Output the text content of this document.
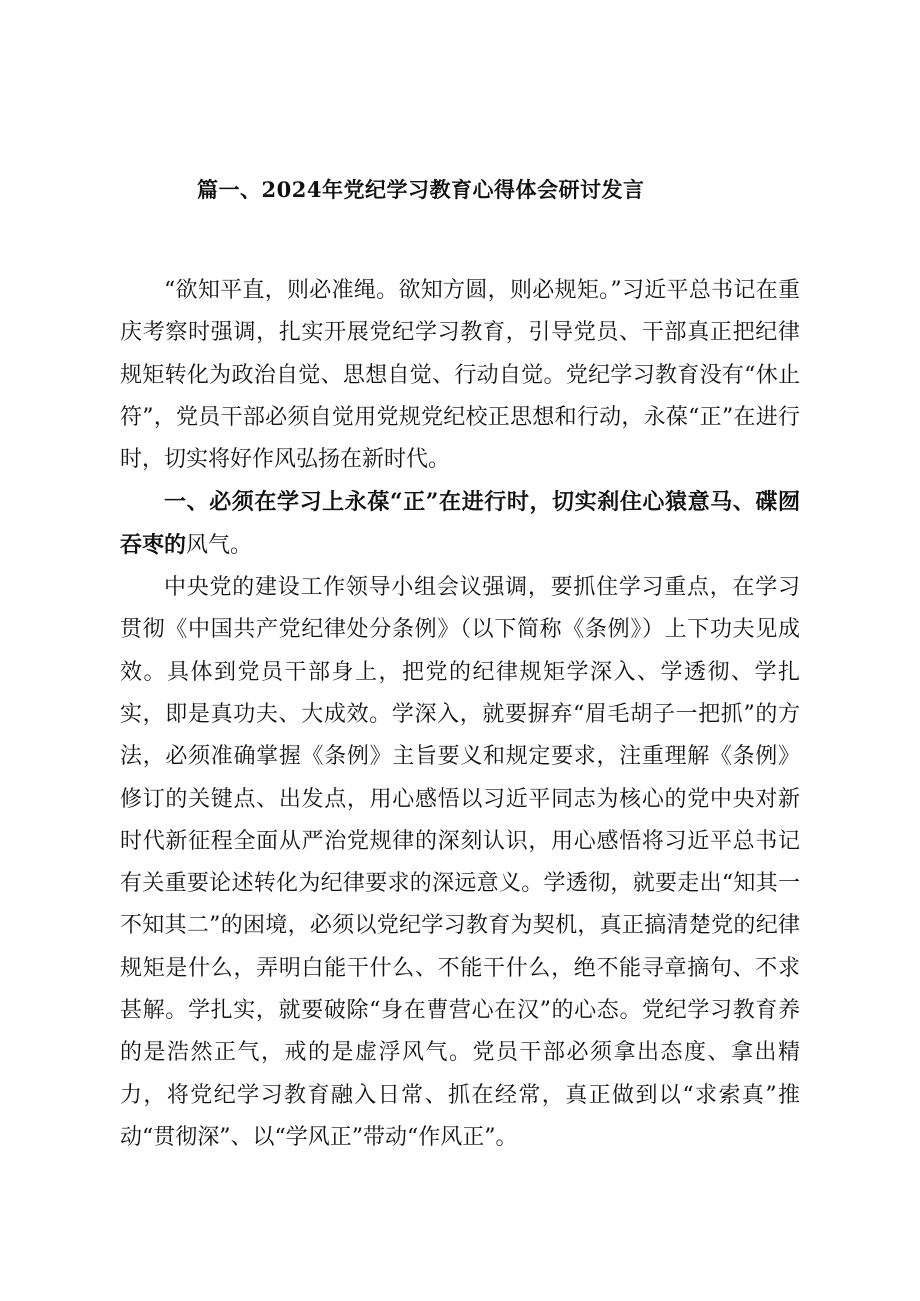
篇一、2024年党纪学习教育心得体会研讨发言

“欲知平直，则必准绳。欲知方圆，则必规矩。”习近平总书记在重庆考察时强调，扎实开展党纪学习教育，引导党员、干部真正把纪律规矩转化为政治自觉、思想自觉、行动自觉。党纪学习教育没有“休止符”，党员干部必须自觉用党规党纪校正思想和行动，永葆“正”在进行时，切实将好作风弘扬在新时代。

一、必须在学习上永葆“正”在进行时，切实刹住心猿意马、碟囫吞枣的风气。

中央党的建设工作领导小组会议强调，要抓住学习重点，在学习贯彻《中国共产党纪律处分条例》（以下简称《条例》）上下功夫见成效。具体到党员干部身上，把党的纪律规矩学深入、学透彻、学扎实，即是真功夫、大成效。学深入，就要摒弃“眉毛胡子一把抓”的方法，必须准确掌握《条例》主旨要义和规定要求，注重理解《条例》修订的关键点、出发点，用心感悟以习近平同志为核心的党中央对新时代新征程全面从严治党规律的深刻认识，用心感悟将习近平总书记有关重要论述转化为纪律要求的深远意义。学透彻，就要走出“知其一不知其二”的困境，必须以党纪学习教育为契机，真正搞清楚党的纪律规矩是什么，弄明白能干什么、不能干什么，绝不能寻章摘句、不求甚解。学扎实，就要破除“身在曹营心在汉”的心态。党纪学习教育养的是浩然正气，戒的是虚浮风气。党员干部必须拿出态度、拿出精力，将党纪学习教育融入日常、抓在经常，真正做到以“求索真”推动“贯彻深”、以“学风正”带动“作风正”。
